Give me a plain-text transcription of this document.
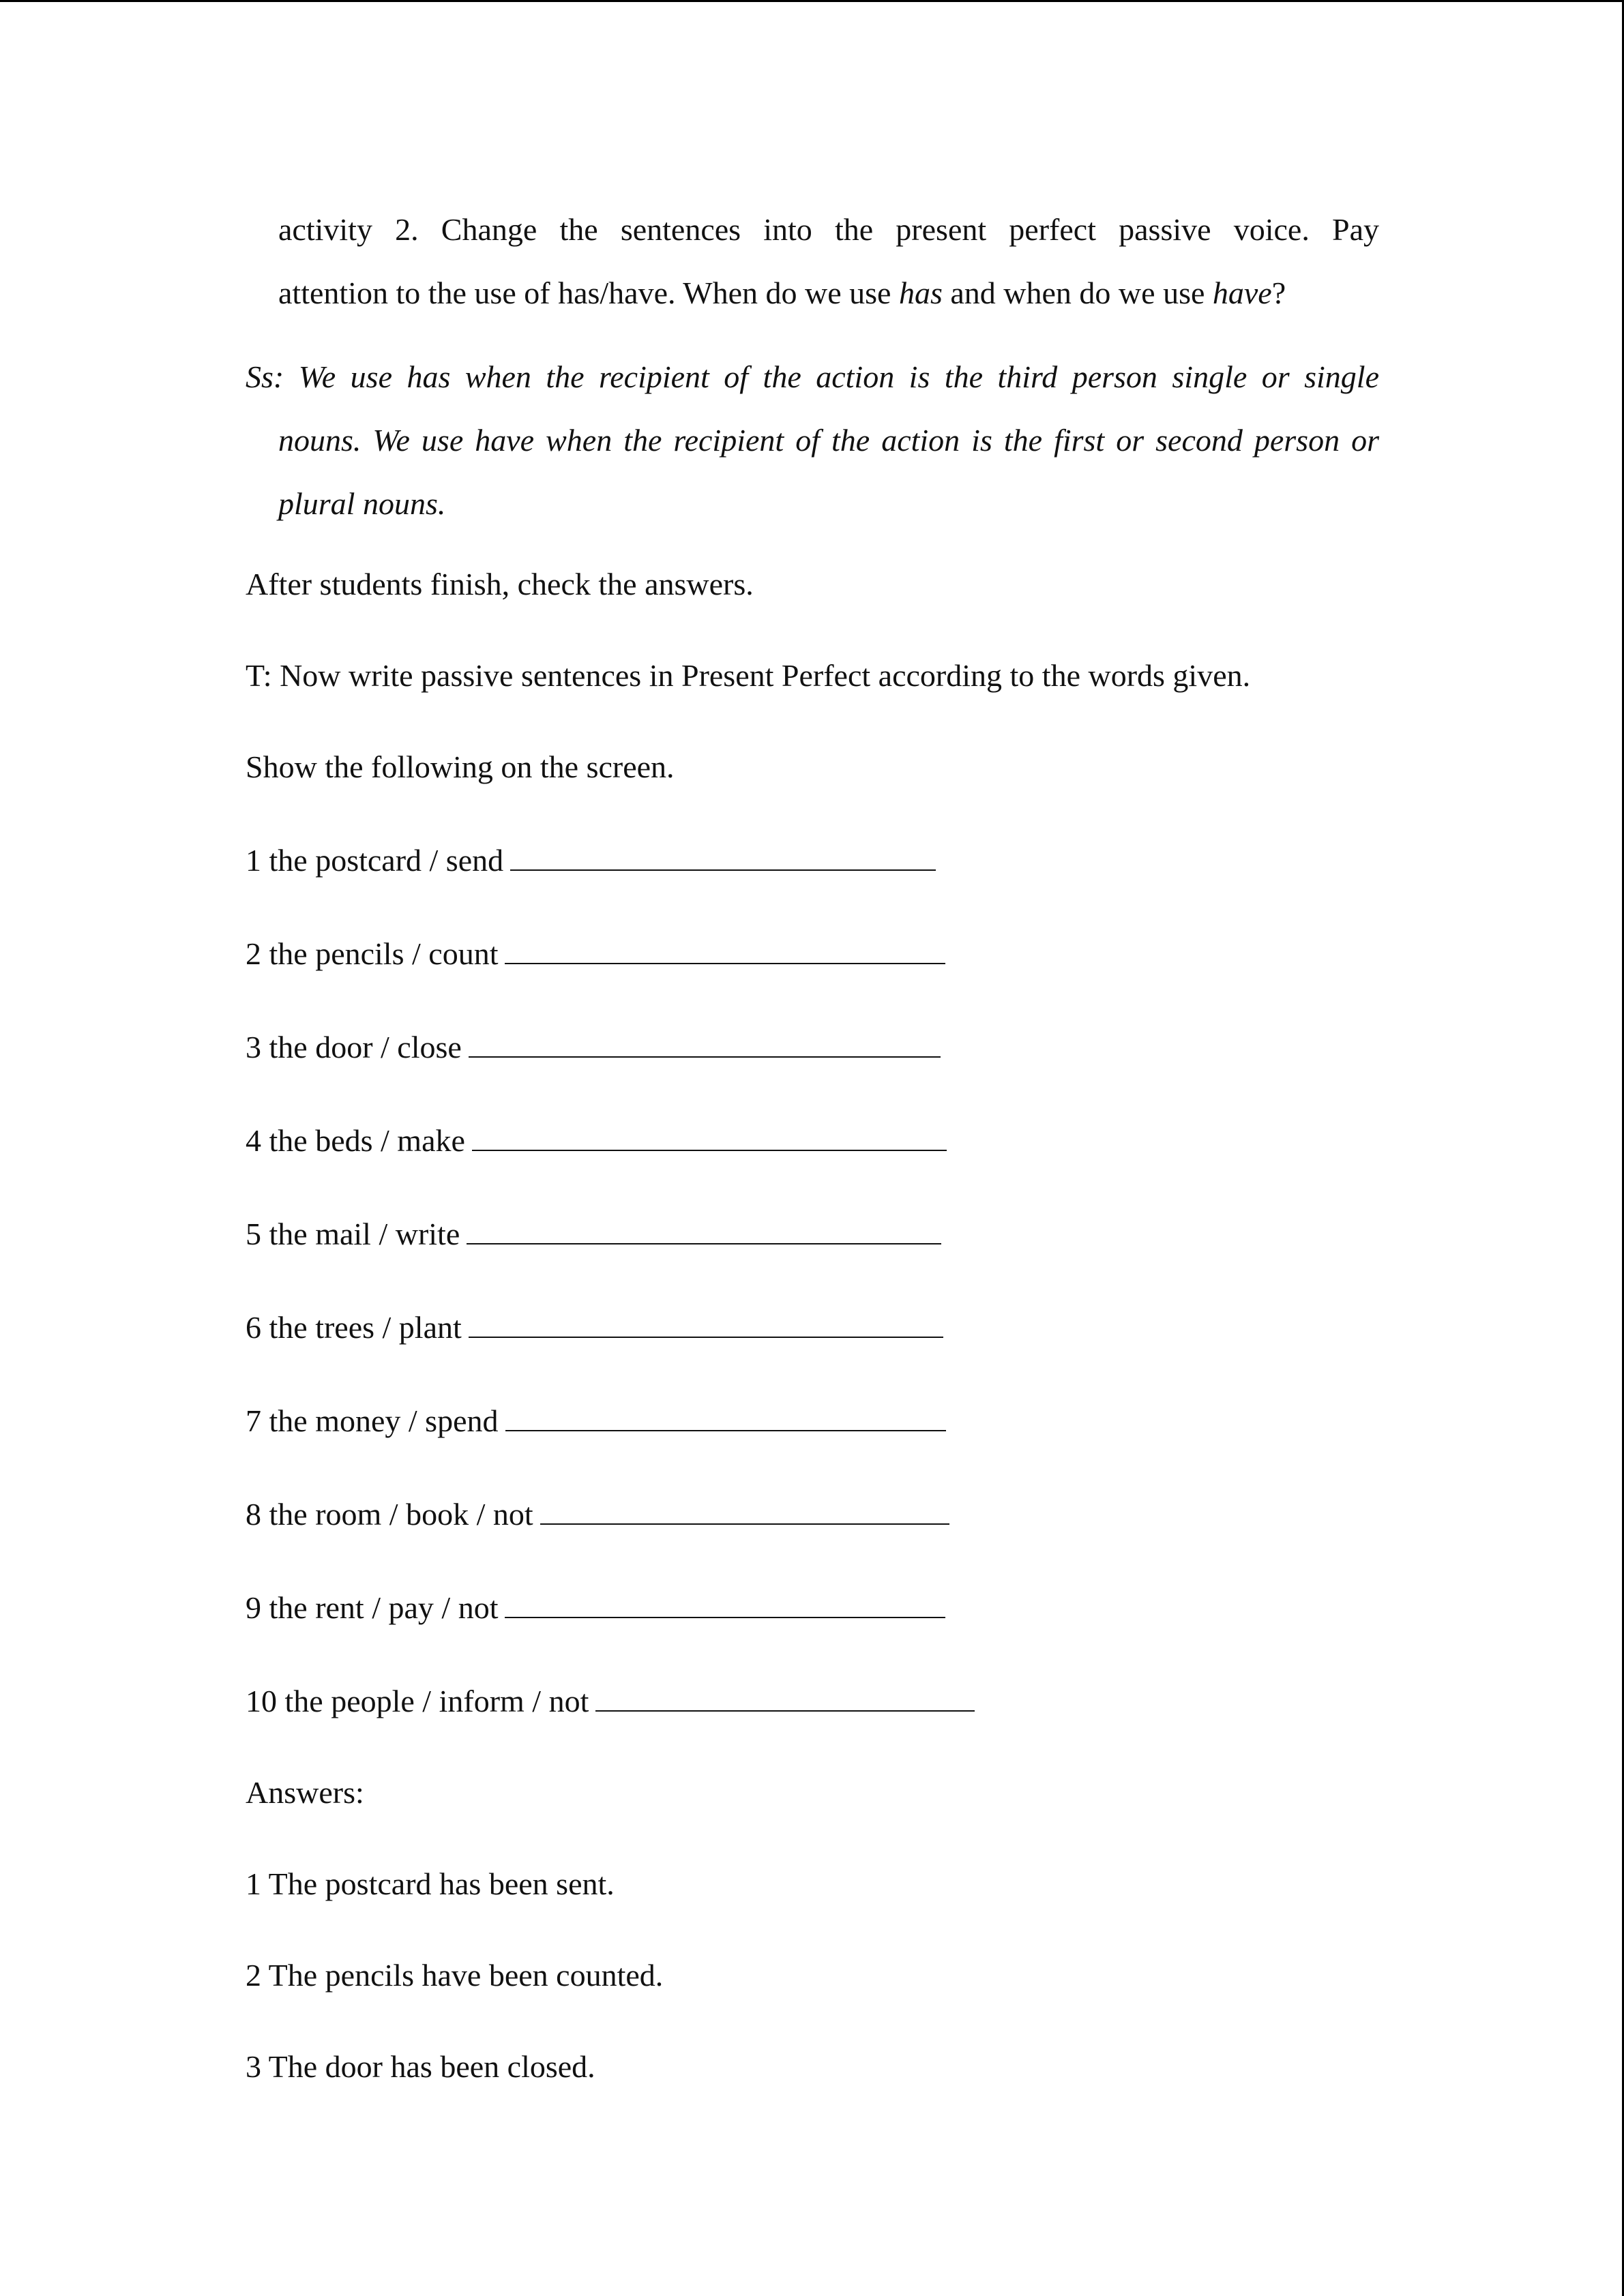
activity 2. Change the sentences into the present perfect passive voice. Pay
attention to the use of has/have. When do we use has and when do we use have?
Ss: We use has when the recipient of the action is the third person single or single
nouns. We use have when the recipient of the action is the first or second person or
plural nouns.
After students finish, check the answers.
T: Now write passive sentences in Present Perfect according to the words given.
Show the following on the screen.
1 the postcard / send
2 the pencils / count
3 the door / close
4 the beds / make
5 the mail / write
6 the trees / plant
7 the money / spend
8 the room / book / not
9 the rent / pay / not
10 the people / inform / not
Answers:
1 The postcard has been sent.
2 The pencils have been counted.
3 The door has been closed.
